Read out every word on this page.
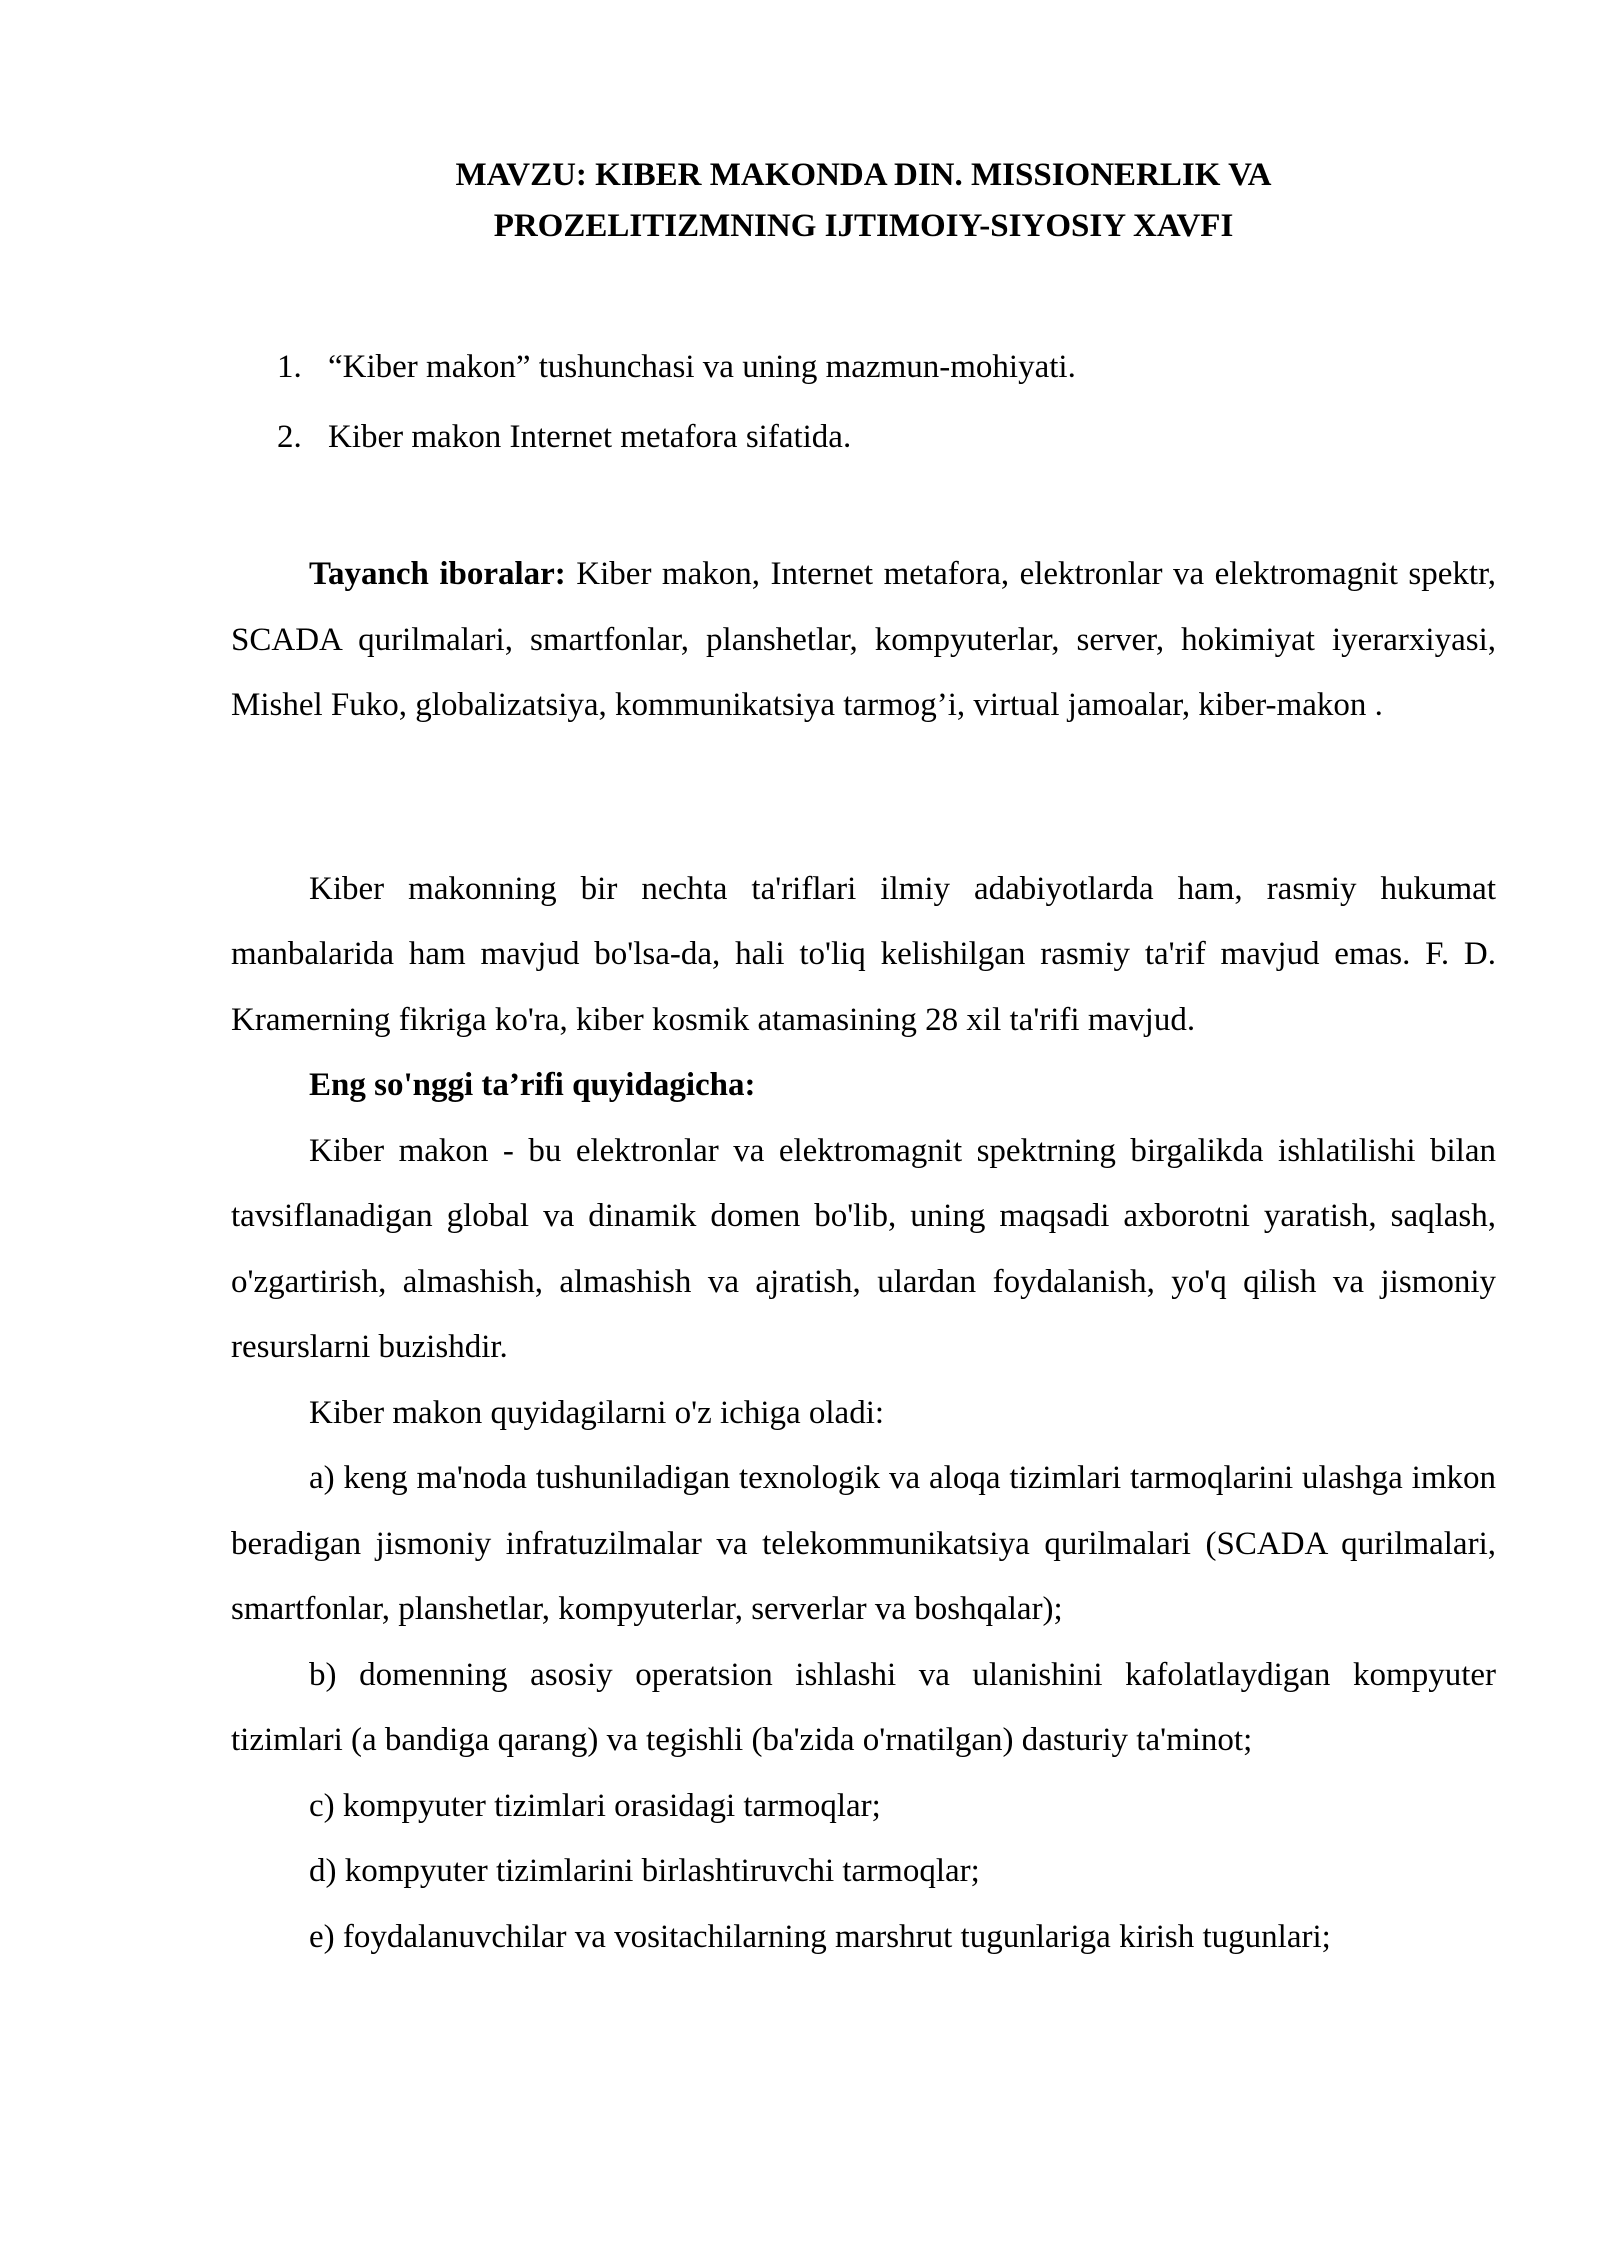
MAVZU: KIBER MAKONDA DIN. MISSIONERLIK VA
PROZELITIZMNING IJTIMOIY-SIYOSIY XAVFI
1. “Kiber makon” tushunchasi va uning mazmun-mohiyati.
2. Kiber makon Internet metafora sifatida.

Tayanch iboralar: Kiber makon, Internet metafora, elektronlar va elektromagnit spektr, SCADA qurilmalari, smartfonlar, planshetlar, kompyuterlar, server, hokimiyat iyerarxiyasi, Mishel Fuko, globalizatsiya, kommunikatsiya tarmog’i, virtual jamoalar, kiber-makon .

Kiber makonning bir nechta ta'riflari ilmiy adabiyotlarda ham, rasmiy hukumat manbalarida ham mavjud bo'lsa-da, hali to'liq kelishilgan rasmiy ta'rif mavjud emas. F. D. Kramerning fikriga ko'ra, kiber kosmik atamasining 28 xil ta'rifi mavjud.

Eng so'nggi ta’rifi quyidagicha:

Kiber makon - bu elektronlar va elektromagnit spektrning birgalikda ishlatilishi bilan tavsiflanadigan global va dinamik domen bo'lib, uning maqsadi axborotni yaratish, saqlash, o'zgartirish, almashish, almashish va ajratish, ulardan foydalanish, yo'q qilish va jismoniy resurslarni buzishdir.

Kiber makon quyidagilarni o'z ichiga oladi:

a) keng ma'noda tushuniladigan texnologik va aloqa tizimlari tarmoqlarini ulashga imkon beradigan jismoniy infratuzilmalar va telekommunikatsiya qurilmalari (SCADA qurilmalari, smartfonlar, planshetlar, kompyuterlar, serverlar va boshqalar);

b) domenning asosiy operatsion ishlashi va ulanishini kafolatlaydigan kompyuter tizimlari (a bandiga qarang) va tegishli (ba'zida o'rnatilgan) dasturiy ta'minot;

c) kompyuter tizimlari orasidagi tarmoqlar;

d) kompyuter tizimlarini birlashtiruvchi tarmoqlar;

e) foydalanuvchilar va vositachilarning marshrut tugunlariga kirish tugunlari;
